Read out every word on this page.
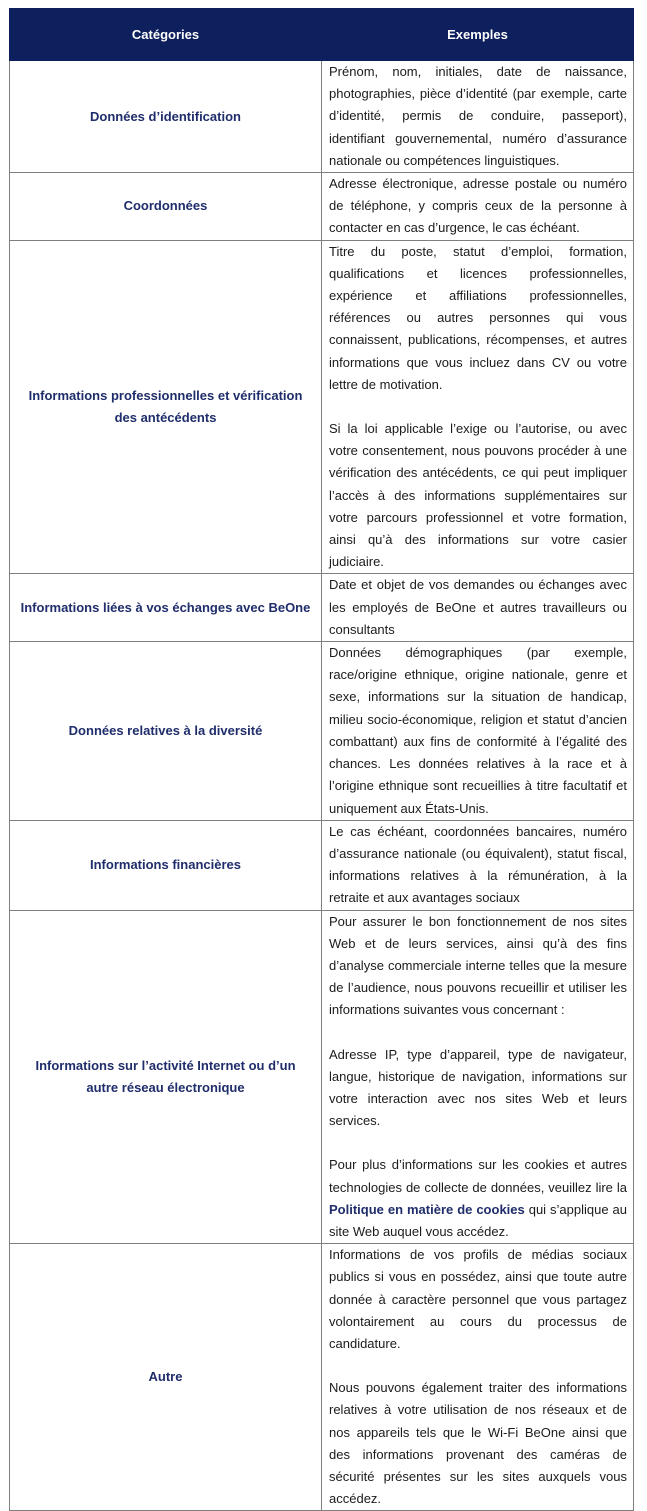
Catégories	Exemples
Données d’identification	Prénom, nom, initiales, date de naissance, photographies, pièce d’identité (par exemple, carte d’identité, permis de conduire, passeport), identifiant gouvernemental, numéro d’assurance nationale ou compétences linguistiques.

Coordonnées	Adresse électronique, adresse postale ou numéro de téléphone, y compris ceux de la personne à contacter en cas d’urgence, le cas échéant.

Informations professionnelles et vérification des antécédents	Titre du poste, statut d’emploi, formation, qualifications et licences professionnelles, expérience et affiliations professionnelles, références ou autres personnes qui vous connaissent, publications, récompenses, et autres informations que vous incluez dans CV ou votre lettre de motivation.

Si la loi applicable l’exige ou l’autorise, ou avec votre consentement, nous pouvons procéder à une vérification des antécédents, ce qui peut impliquer l’accès à des informations supplémentaires sur votre parcours professionnel et votre formation, ainsi qu’à des informations sur votre casier judiciaire.

Informations liées à vos échanges avec BeOne	Date et objet de vos demandes ou échanges avec les employés de BeOne et autres travailleurs ou consultants

Données relatives à la diversité	Données démographiques (par exemple, race/origine ethnique, origine nationale, genre et sexe, informations sur la situation de handicap, milieu socio-économique, religion et statut d’ancien combattant) aux fins de conformité à l’égalité des chances. Les données relatives à la race et à l’origine ethnique sont recueillies à titre facultatif et uniquement aux États-Unis.

Informations financières	Le cas échéant, coordonnées bancaires, numéro d’assurance nationale (ou équivalent), statut fiscal, informations relatives à la rémunération, à la retraite et aux avantages sociaux

Informations sur l’activité Internet ou d’un autre réseau électronique	Pour assurer le bon fonctionnement de nos sites Web et de leurs services, ainsi qu’à des fins d’analyse commerciale interne telles que la mesure de l’audience, nous pouvons recueillir et utiliser les informations suivantes vous concernant :

Adresse IP, type d’appareil, type de navigateur, langue, historique de navigation, informations sur votre interaction avec nos sites Web et leurs services.

Pour plus d’informations sur les cookies et autres technologies de collecte de données, veuillez lire la Politique en matière de cookies qui s’applique au site Web auquel vous accédez.

Autre	Informations de vos profils de médias sociaux publics si vous en possédez, ainsi que toute autre donnée à caractère personnel que vous partagez volontairement au cours du processus de candidature.

Nous pouvons également traiter des informations relatives à votre utilisation de nos réseaux et de nos appareils tels que le Wi-Fi BeOne ainsi que des informations provenant des caméras de sécurité présentes sur les sites auxquels vous accédez.
